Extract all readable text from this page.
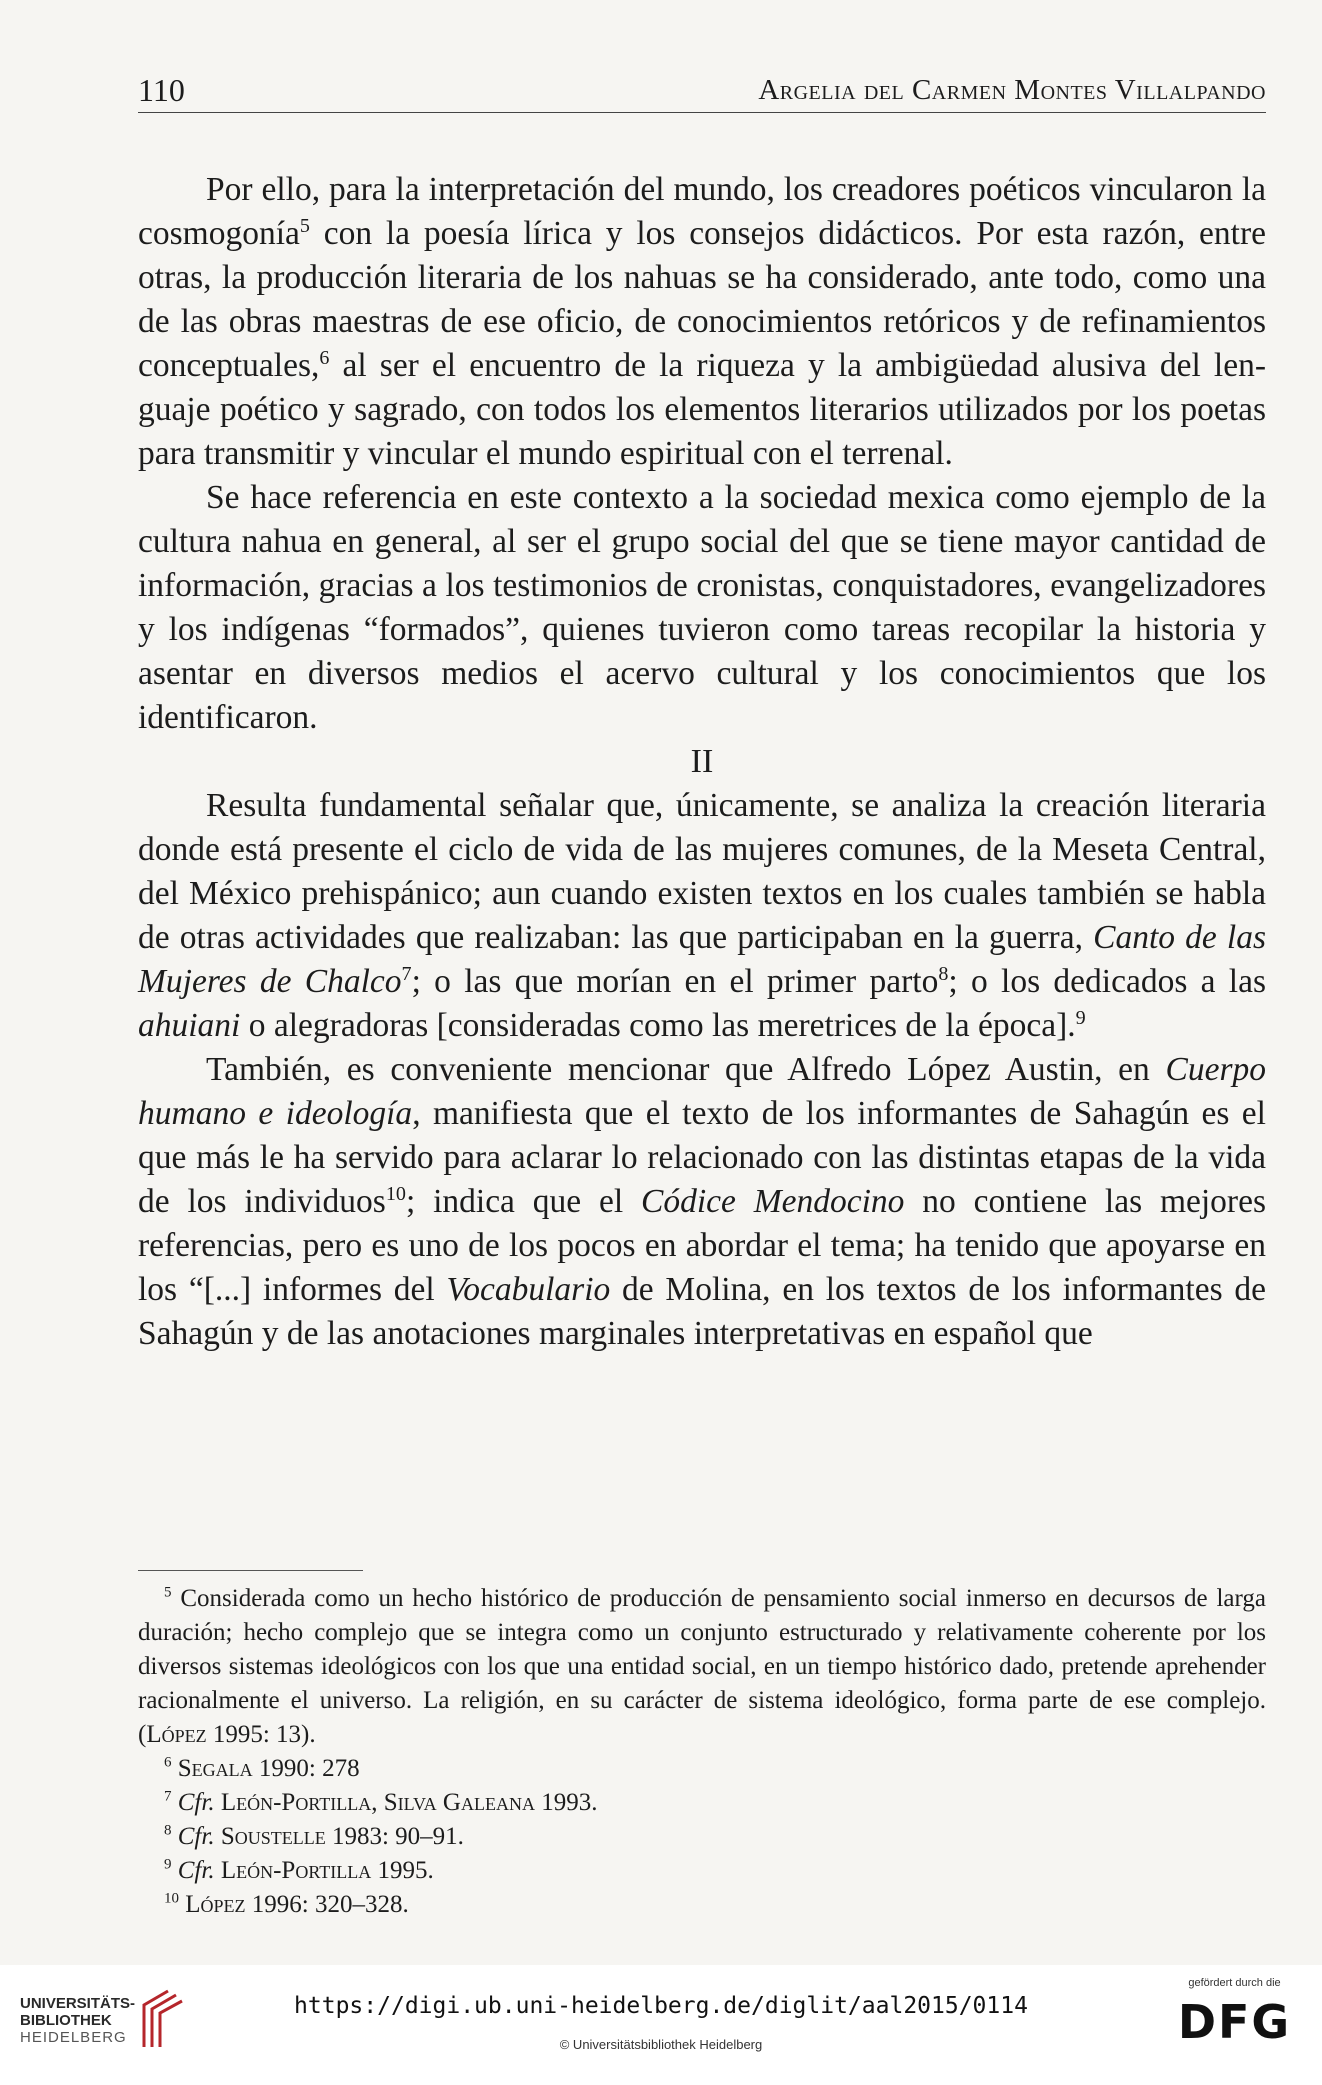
110	Argelia del Carmen Montes Villalpando

Por ello, para la interpretación del mundo, los creadores poéticos vincularon la cosmogonía$^5$ con la poesía lírica y los consejos didácticos. Por esta razón, entre otras, la producción literaria de los nahuas se ha considerado, ante todo, como una de las obras maestras de ese oficio, de conocimientos retóricos y de refinamientos conceptuales,$^6$ al ser el encuentro de la riqueza y la ambigüedad alusiva del lenguaje poético y sagrado, con todos los elementos literarios utilizados por los poetas para transmitir y vincular el mundo espiritual con el terrenal.

Se hace referencia en este contexto a la sociedad mexica como ejemplo de la cultura nahua en general, al ser el grupo social del que se tiene mayor cantidad de información, gracias a los testimonios de cronistas, conquistadores, evangelizadores y los indígenas “formados”, quienes tuvieron como tareas recopilar la historia y asentar en diversos medios el acervo cultural y los conocimientos que los identificaron.

II

Resulta fundamental señalar que, únicamente, se analiza la creación literaria donde está presente el ciclo de vida de las mujeres comunes, de la Meseta Central, del México prehispánico; aun cuando existen textos en los cuales también se habla de otras actividades que realizaban: las que participaban en la guerra, Canto de las Mujeres de Chalco$^7$; o las que morían en el primer parto$^8$; o los dedicados a las ahuiani o alegradoras [consideradas como las meretrices de la época].$^9$

También, es conveniente mencionar que Alfredo López Austin, en Cuerpo humano e ideología, manifiesta que el texto de los informantes de Sahagún es el que más le ha servido para aclarar lo relacionado con las distintas etapas de la vida de los individuos$^{10}$; indica que el Códice Mendocino no contiene las mejores referencias, pero es uno de los pocos en abordar el tema; ha tenido que apoyarse en los “[...] informes del Vocabulario de Molina, en los textos de los informantes de Sahagún y de las anotaciones marginales interpretativas en español que

$^5$ Considerada como un hecho histórico de producción de pensamiento social inmerso en decursos de larga duración; hecho complejo que se integra como un conjunto estructurado y relativamente coherente por los diversos sistemas ideológicos con los que una entidad social, en un tiempo histórico dado, pretende aprehender racionalmente el universo. La religión, en su carácter de sistema ideológico, forma parte de ese complejo. (López 1995: 13).

$^6$ Segala 1990: 278

$^7$ Cfr. León-Portilla, Silva Galeana 1993.

$^8$ Cfr. Soustelle 1983: 90–91.

$^9$ Cfr. León-Portilla 1995.

$^{10}$ López 1996: 320–328.

UNIVERSITÄTS-
BIBLIOTHEK
HEIDELBERG
https://digi.ub.uni-heidelberg.de/diglit/aal2015/0114
© Universitätsbibliothek Heidelberg
gefördert durch die
DFG
